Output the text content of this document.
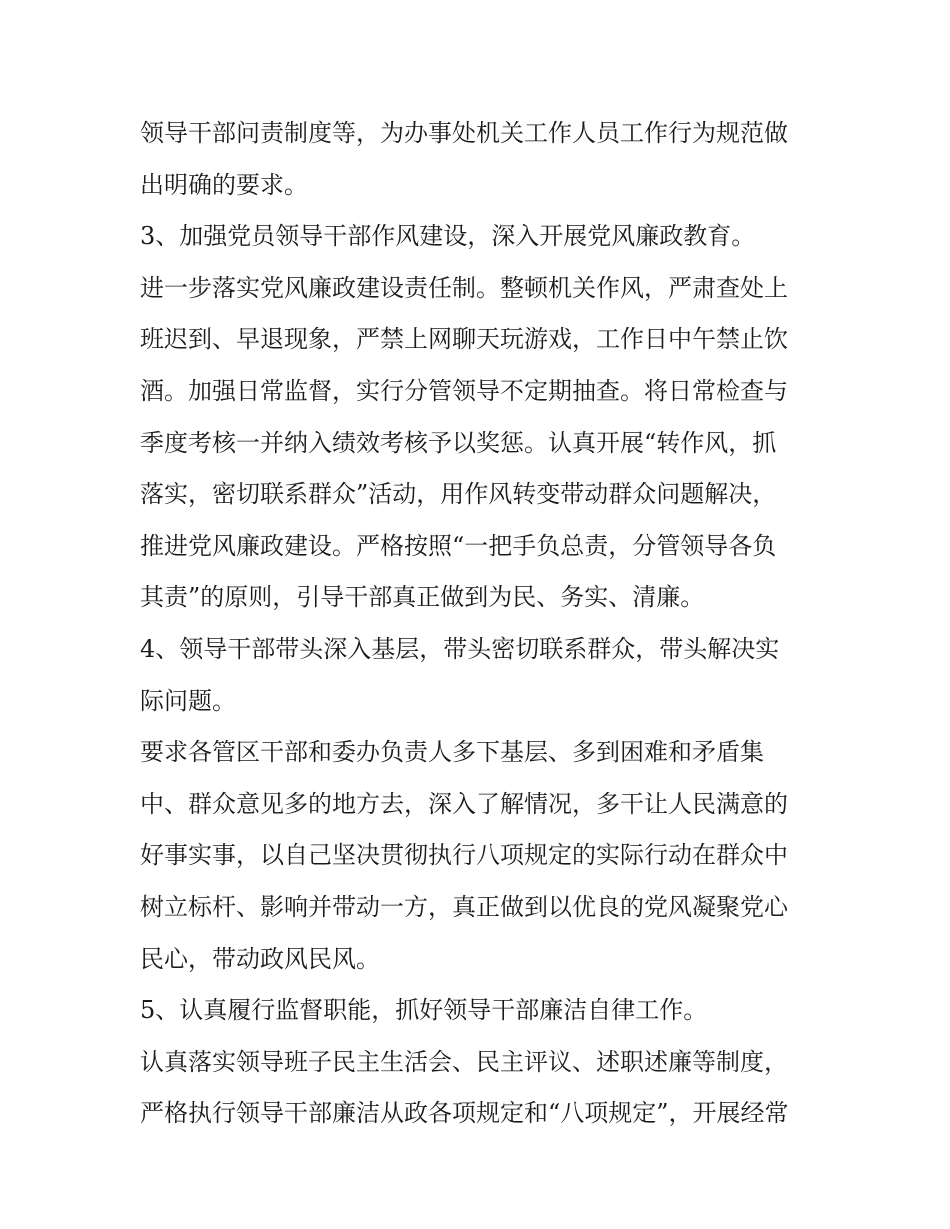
领导干部问责制度等，为办事处机关工作人员工作行为规范做
出明确的要求。
3、加强党员领导干部作风建设，深入开展党风廉政教育。
进一步落实党风廉政建设责任制。整顿机关作风，严肃查处上
班迟到、早退现象，严禁上网聊天玩游戏，工作日中午禁止饮
酒。加强日常监督，实行分管领导不定期抽查。将日常检查与
季度考核一并纳入绩效考核予以奖惩。认真开展“转作风，抓
落实，密切联系群众”活动，用作风转变带动群众问题解决，
推进党风廉政建设。严格按照“一把手负总责，分管领导各负
其责”的原则，引导干部真正做到为民、务实、清廉。
4、领导干部带头深入基层，带头密切联系群众，带头解决实
际问题。
要求各管区干部和委办负责人多下基层、多到困难和矛盾集
中、群众意见多的地方去，深入了解情况，多干让人民满意的
好事实事，以自己坚决贯彻执行八项规定的实际行动在群众中
树立标杆、影响并带动一方，真正做到以优良的党风凝聚党心
民心，带动政风民风。
5、认真履行监督职能，抓好领导干部廉洁自律工作。
认真落实领导班子民主生活会、民主评议、述职述廉等制度，
严格执行领导干部廉洁从政各项规定和“八项规定”，开展经常
